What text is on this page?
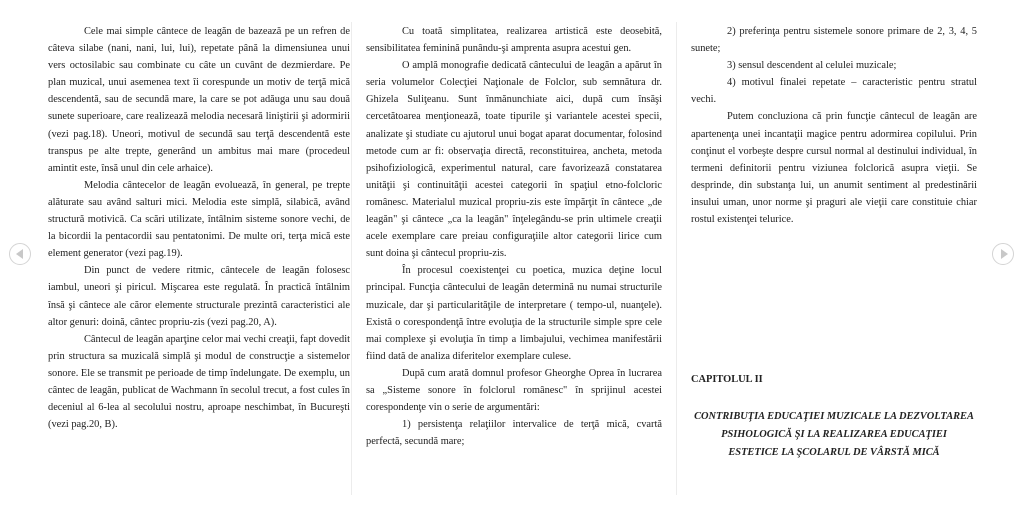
Cele mai simple cântece de leagăn de bazează pe un refren de câteva silabe (nani, nani, lui, lui), repetate până la dimensiunea unui vers octosilabic sau combinate cu câte un cuvânt de dezmierdare. Pe plan muzical, unui asemenea text îi corespunde un motiv de terţă mică descendentă, sau de secundă mare, la care se pot adăuga unu sau două sunete superioare, care realizează melodia necesară liniştirii şi adormirii (vezi pag.18). Uneori, motivul de secundă sau terţă descendentă este transpus pe alte trepte, generând un ambitus mai mare (procedeul amintit este, însă unul din cele arhaice).

Melodia cântecelor de leagăn evoluează, în general, pe trepte alăturate sau având salturi mici. Melodia este simplă, silabică, având structură motivică. Ca scări utilizate, întâlnim sisteme sonore vechi, de la bicordii la pentacordii sau pentatonimi. De multe ori, terţa mică este element generator (vezi pag.19).

Din punct de vedere ritmic, cântecele de leagăn folosesc iambul, uneori şi piricul. Mişcarea este regulată. În practică întâlnim însă şi cântece ale căror elemente structurale prezintă caracteristici ale altor genuri: doină, cântec propriu-zis (vezi pag.20, A).

Cântecul de leagăn aparţine celor mai vechi creaţii, fapt dovedit prin structura sa muzicală simplă şi modul de construcţie a sistemelor sonore. Ele se transmit pe perioade de timp îndelungate. De exemplu, un cântec de leagăn, publicat de Wachmann în secolul trecut, a fost cules în deceniul al 6-lea al secolului nostru, aproape neschimbat, în Bucureşti (vezi pag.20, B).

Cu toată simplitatea, realizarea artistică este deosebită, sensibilitatea feminină punându-şi amprenta asupra acestui gen.

O amplă monografie dedicată cântecului de leagăn a apărut în seria volumelor Colecţiei Naţionale de Folclor, sub semnătura dr. Ghizela Suliţeanu. Sunt înmănunchiate aici, după cum însăşi cercetătoarea menţionează, toate tipurile şi variantele acestei specii, analizate şi studiate cu ajutorul unui bogat aparat documentar, folosind metode cum ar fi: observaţia directă, reconstituirea, ancheta, metoda psihofiziologică, experimentul natural, care favorizează constatarea unităţii şi continuităţii acestei categorii în spaţiul etno-folcloric românesc. Materialul muzical propriu-zis este împărţit în cântece „de leagăn" şi cântece „ca la leagăn" înţelegându-se prin ultimele creaţii acele exemplare care preiau configuraţiile altor categorii lirice cum sunt doina şi cântecul propriu-zis.

În procesul coexistenţei cu poetica, muzica deţine locul principal. Funcţia cântecului de leagăn determină nu numai structurile muzicale, dar şi particularităţile de interpretare ( tempo-ul, nuanţele). Există o corespondenţă între evoluţia de la structurile simple spre cele mai complexe şi evoluţia în timp a limbajului, vechimea manifestării fiind dată de analiza diferitelor exemplare culese.

După cum arată domnul profesor Gheorghe Oprea în lucrarea sa „Sisteme sonore în folclorul românesc" în sprijinul acestei corespondenţe vin o serie de argumentări:

1) persistenţa relaţiilor intervalice de terţă mică, cvartă perfectă, secundă mare;

2) preferinţa pentru sistemele sonore primare de 2, 3, 4, 5 sunete;

3) sensul descendent al celulei muzicale;

4) motivul finalei repetate – caracteristic pentru stratul vechi.

Putem concluziona că prin funcţie cântecul de leagăn are apartenenţa unei incantaţii magice pentru adormirea copilului. Prin conţinut el vorbeşte despre cursul normal al destinului individual, în termeni definitorii pentru viziunea folclorică asupra vieţii. Se desprinde, din substanţa lui, un anumit sentiment al predestinării insului uman, unor norme şi praguri ale vieţii care constituie chiar rostul existenţei telurice.

CAPITOLUL II
CONTRIBUŢIA EDUCAŢIEI MUZICALE LA DEZVOLTAREA
PSIHOLOGICĂ ŞI LA REALIZAREA EDUCAŢIEI
ESTETICE LA ŞCOLARUL DE VÂRSTĂ MICĂ
